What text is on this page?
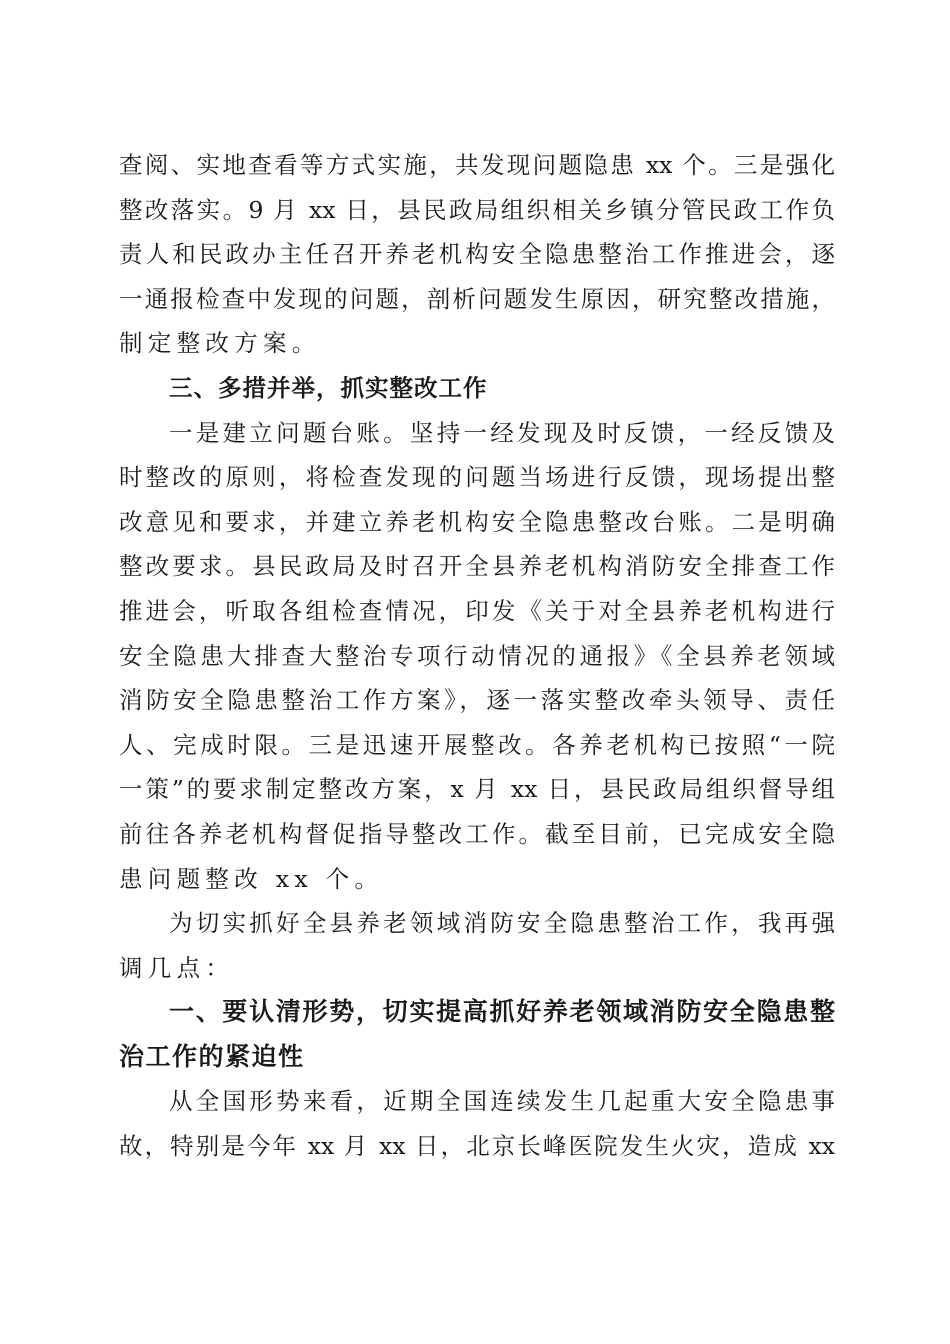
查阅、实地查看等方式实施，共发现问题隐患 xx 个。三是强化
整改落实。9 月 xx 日，县民政局组织相关乡镇分管民政工作负
责人和民政办主任召开养老机构安全隐患整治工作推进会，逐
一通报检查中发现的问题，剖析问题发生原因，研究整改措施，
制定整改方案。
三、多措并举，抓实整改工作
一是建立问题台账。坚持一经发现及时反馈，一经反馈及
时整改的原则，将检查发现的问题当场进行反馈，现场提出整
改意见和要求，并建立养老机构安全隐患整改台账。二是明确
整改要求。县民政局及时召开全县养老机构消防安全排查工作
推进会，听取各组检查情况，印发《关于对全县养老机构进行
安全隐患大排查大整治专项行动情况的通报》《全县养老领域
消防安全隐患整治工作方案》，逐一落实整改牵头领导、责任
人、完成时限。三是迅速开展整改。各养老机构已按照“一院
一策”的要求制定整改方案，x 月 xx 日，县民政局组织督导组
前往各养老机构督促指导整改工作。截至目前，已完成安全隐
患问题整改 xx 个。
为切实抓好全县养老领域消防安全隐患整治工作，我再强
调几点：
一、要认清形势，切实提高抓好养老领域消防安全隐患整
治工作的紧迫性
从全国形势来看，近期全国连续发生几起重大安全隐患事
故，特别是今年 xx 月 xx 日，北京长峰医院发生火灾，造成 xx
